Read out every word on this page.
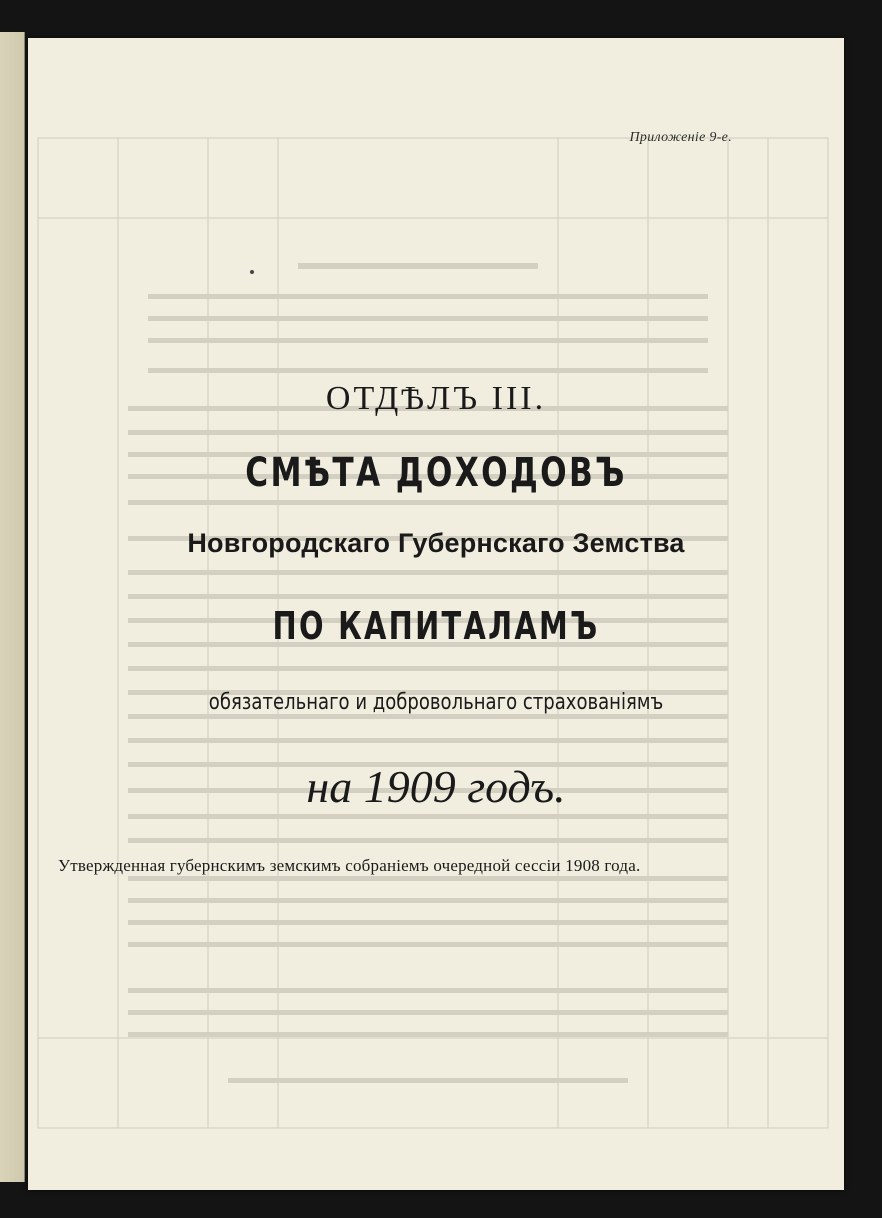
Приложеніе 9-е.
ОТДѢЛЪ III.
СМѢТА ДОХОДОВЪ
Новгородскаго Губернскаго Земства
ПО КАПИТАЛАМЪ
обязательнаго и добровольнаго страхованіямъ
на 1909 годъ.
Утвержденная губернскимъ земскимъ собраніемъ очередной сессіи 1908 года.
